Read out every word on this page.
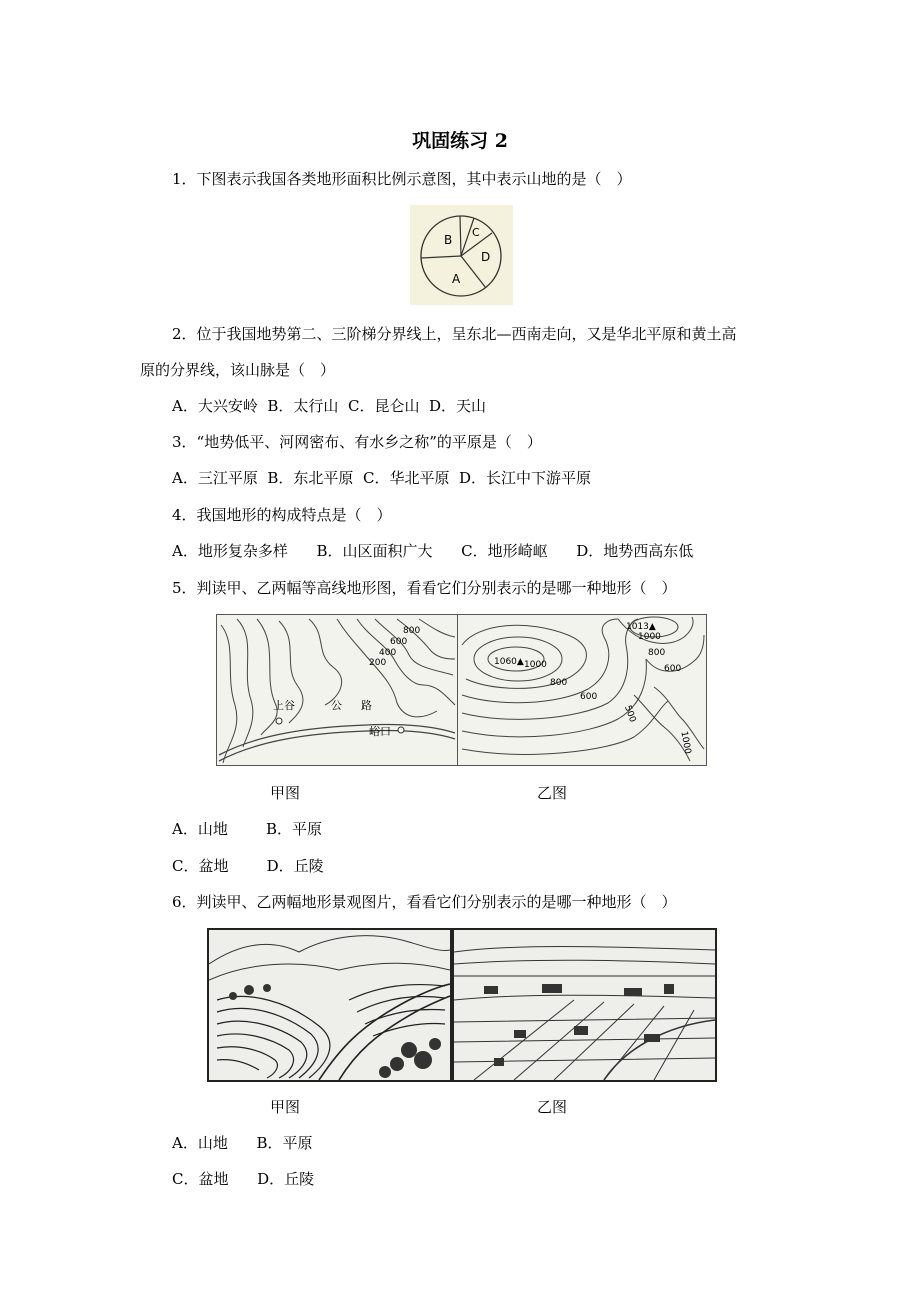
巩固练习 2
1．下图表示我国各类地形面积比例示意图，其中表示山地的是（　）
A
B
C
D
2．位于我国地势第二、三阶梯分界线上，呈东北—西南走向，又是华北平原和黄土高
原的分界线，该山脉是（　）
A．大兴安岭 B．太行山 C．昆仑山 D．天山
3．“地势低平、河网密布、有水乡之称”的平原是（　）
A．三江平原 B．东北平原 C．华北平原 D．长江中下游平原
4．我国地形的构成特点是（　）
A．地形复杂多样 B．山区面积广大 C．地形崎岖 D．地势西高东低
5．判读甲、乙两幅等高线地形图，看看它们分别表示的是哪一种地形（　）
800
600
400
200
上谷	公 路
峪口
1013▲
1060▲ 1000
1000
800
800
600
600
500
1000
甲图	乙图
A．山地	B．平原
C．盆地	D．丘陵
6．判读甲、乙两幅地形景观图片，看看它们分别表示的是哪一种地形（　）
甲图	乙图
A．山地 B．平原
C．盆地 D．丘陵
